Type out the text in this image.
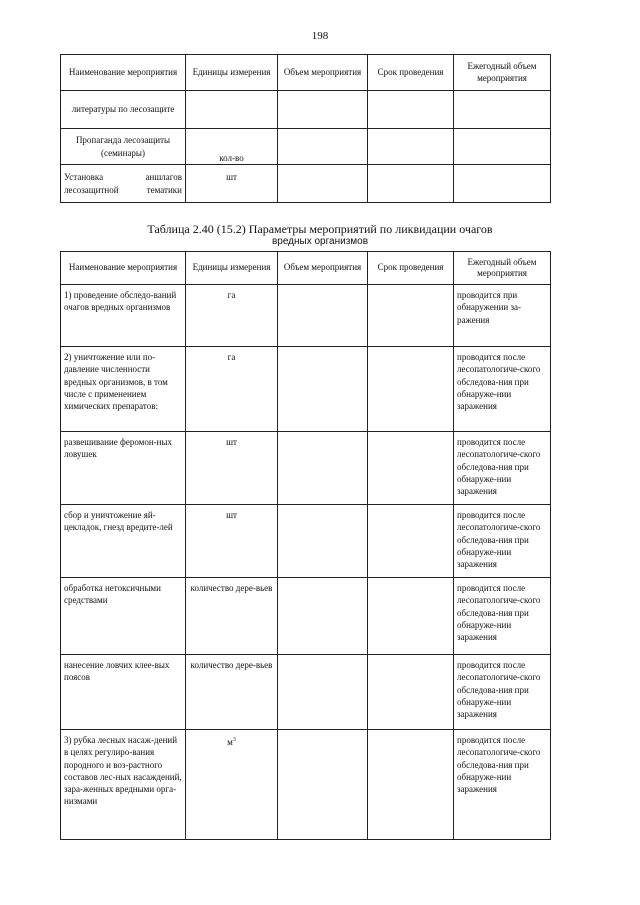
198
Наименование мероприятия	Единицы измерения	Объем мероприятия	Срок проведения	Ежегодный объем мероприятия
литературы по лесозащите				
Пропаганда лесозащиты (семинары)	кол-во			
Установка аншлагов лесозащитной тематики	шт			
Таблица 2.40 (15.2) Параметры мероприятий по ликвидации очагов
вредных организмов
Наименование мероприятия	Единицы измерения	Объем мероприятия	Срок проведения	Ежегодный объем мероприятия

1) проведение обследо-ваний очагов вредных организмов	га			проводится при обнаружении за-ражения

2) уничтожение или по-давление численности вредных организмов, в том числе с применением химических препаратов:	га			проводится после лесопатологиче-ского обследова-ния при обнаруже-нии заражения

развешивание феромон-ных ловушек	шт			проводится после лесопатологиче-ского обследова-ния при обнаруже-нии заражения

сбор и уничтожение яй-цекладок, гнезд вредите-лей	шт			проводится после лесопатологиче-ского обследова-ния при обнаруже-нии заражения

обработка нетоксичными средствами	количество дере-вьев			проводится после лесопатологиче-ского обследова-ния при обнаруже-нии заражения

нанесение ловчих клее-вых поясов	количество дере-вьев			проводится после лесопатологиче-ского обследова-ния при обнаруже-нии заражения

3) рубка лесных насаж-дений в целях регулиро-вания породного и воз-растного составов лес-ных насаждений, зара-женных вредными орга-низмами	$м^3$			проводится после лесопатологиче-ского обследова-ния при обнаруже-нии заражения
